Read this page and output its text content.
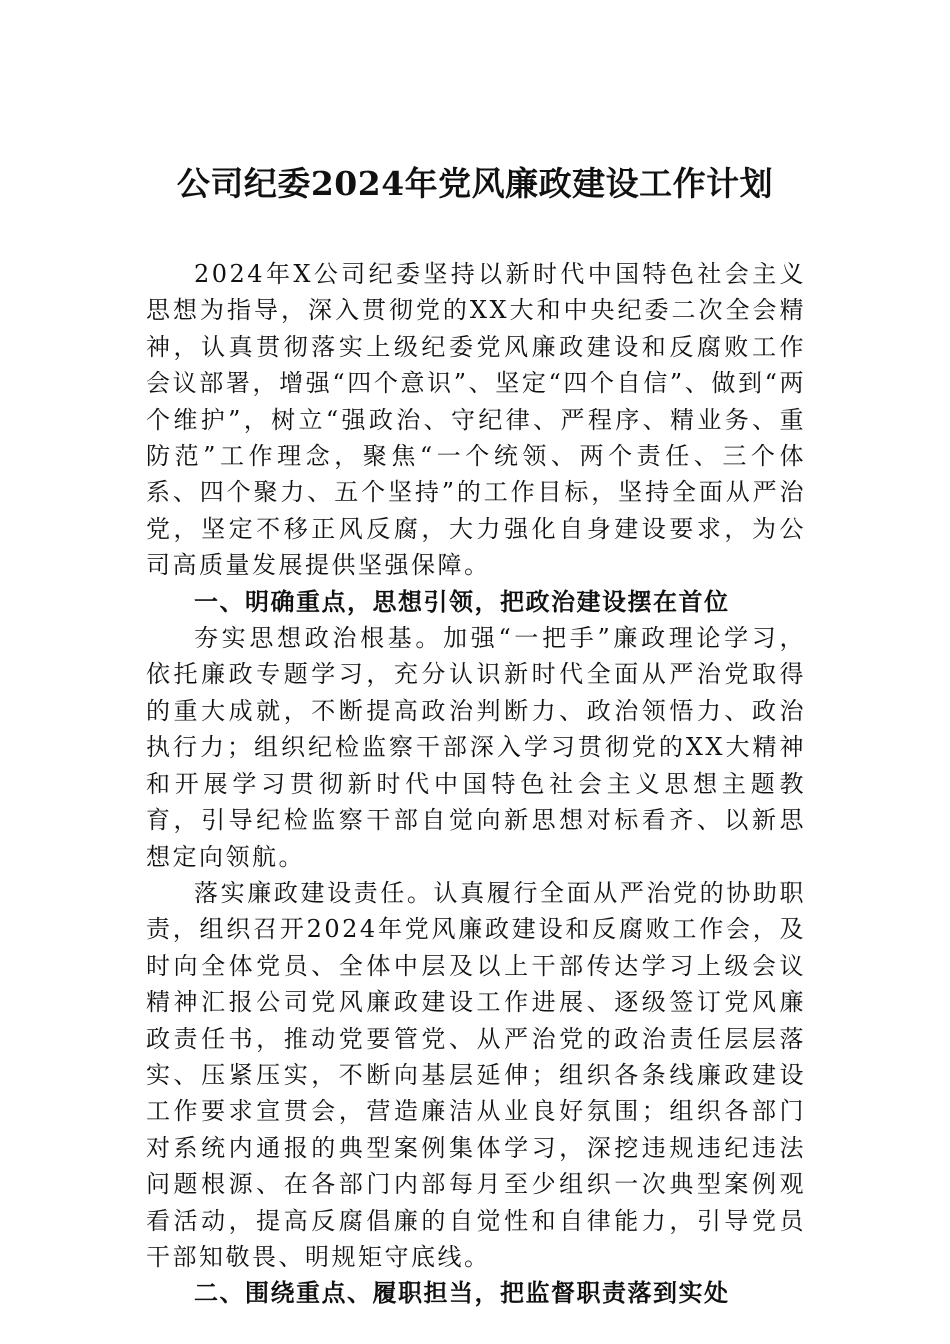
公司纪委2024年党风廉政建设工作计划

2024年X公司纪委坚持以新时代中国特色社会主义思想为指导，深入贯彻党的XX大和中央纪委二次全会精神，认真贯彻落实上级纪委党风廉政建设和反腐败工作会议部署，增强“四个意识”、坚定“四个自信”、做到“两个维护”，树立“强政治、守纪律、严程序、精业务、重防范”工作理念，聚焦“一个统领、两个责任、三个体系、四个聚力、五个坚持”的工作目标，坚持全面从严治党，坚定不移正风反腐，大力强化自身建设要求，为公司高质量发展提供坚强保障。

一、明确重点，思想引领，把政治建设摆在首位

夯实思想政治根基。加强“一把手”廉政理论学习，依托廉政专题学习，充分认识新时代全面从严治党取得的重大成就，不断提高政治判断力、政治领悟力、政治执行力；组织纪检监察干部深入学习贯彻党的XX大精神和开展学习贯彻新时代中国特色社会主义思想主题教育，引导纪检监察干部自觉向新思想对标看齐、以新思想定向领航。

落实廉政建设责任。认真履行全面从严治党的协助职责，组织召开2024年党风廉政建设和反腐败工作会，及时向全体党员、全体中层及以上干部传达学习上级会议精神汇报公司党风廉政建设工作进展、逐级签订党风廉政责任书，推动党要管党、从严治党的政治责任层层落实、压紧压实，不断向基层延伸；组织各条线廉政建设工作要求宣贯会，营造廉洁从业良好氛围；组织各部门对系统内通报的典型案例集体学习，深挖违规违纪违法问题根源、在各部门内部每月至少组织一次典型案例观看活动，提高反腐倡廉的自觉性和自律能力，引导党员干部知敬畏、明规矩守底线。

二、围绕重点、履职担当，把监督职责落到实处
